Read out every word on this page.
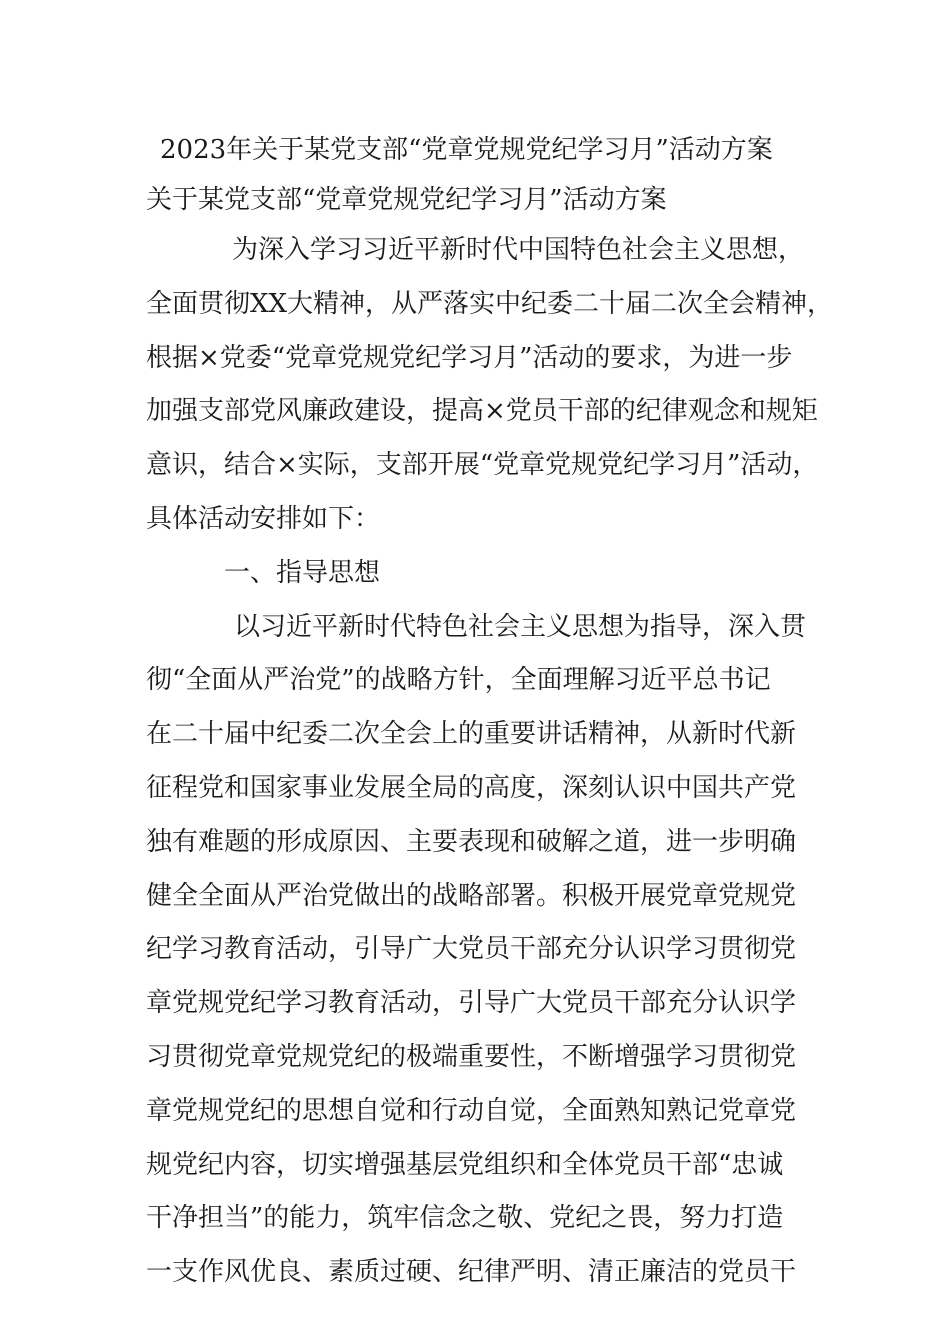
2023年关于某党支部“党章党规党纪学习月”活动方案
关于某党支部“党章党规党纪学习月”活动方案
为深入学习习近平新时代中国特色社会主义思想，
全面贯彻XX大精神，从严落实中纪委二十届二次全会精神，
根据×党委“党章党规党纪学习月”活动的要求，为进一步
加强支部党风廉政建设，提高×党员干部的纪律观念和规矩
意识，结合×实际，支部开展“党章党规党纪学习月”活动，
具体活动安排如下：
一、指导思想
以习近平新时代特色社会主义思想为指导，深入贯
彻“全面从严治党”的战略方针，全面理解习近平总书记
在二十届中纪委二次全会上的重要讲话精神，从新时代新
征程党和国家事业发展全局的高度，深刻认识中国共产党
独有难题的形成原因、主要表现和破解之道，进一步明确
健全全面从严治党做出的战略部署。积极开展党章党规党
纪学习教育活动，引导广大党员干部充分认识学习贯彻党
章党规党纪学习教育活动，引导广大党员干部充分认识学
习贯彻党章党规党纪的极端重要性，不断增强学习贯彻党
章党规党纪的思想自觉和行动自觉，全面熟知熟记党章党
规党纪内容，切实增强基层党组织和全体党员干部“忠诚
干净担当”的能力，筑牢信念之敬、党纪之畏，努力打造
一支作风优良、素质过硬、纪律严明、清正廉洁的党员干
